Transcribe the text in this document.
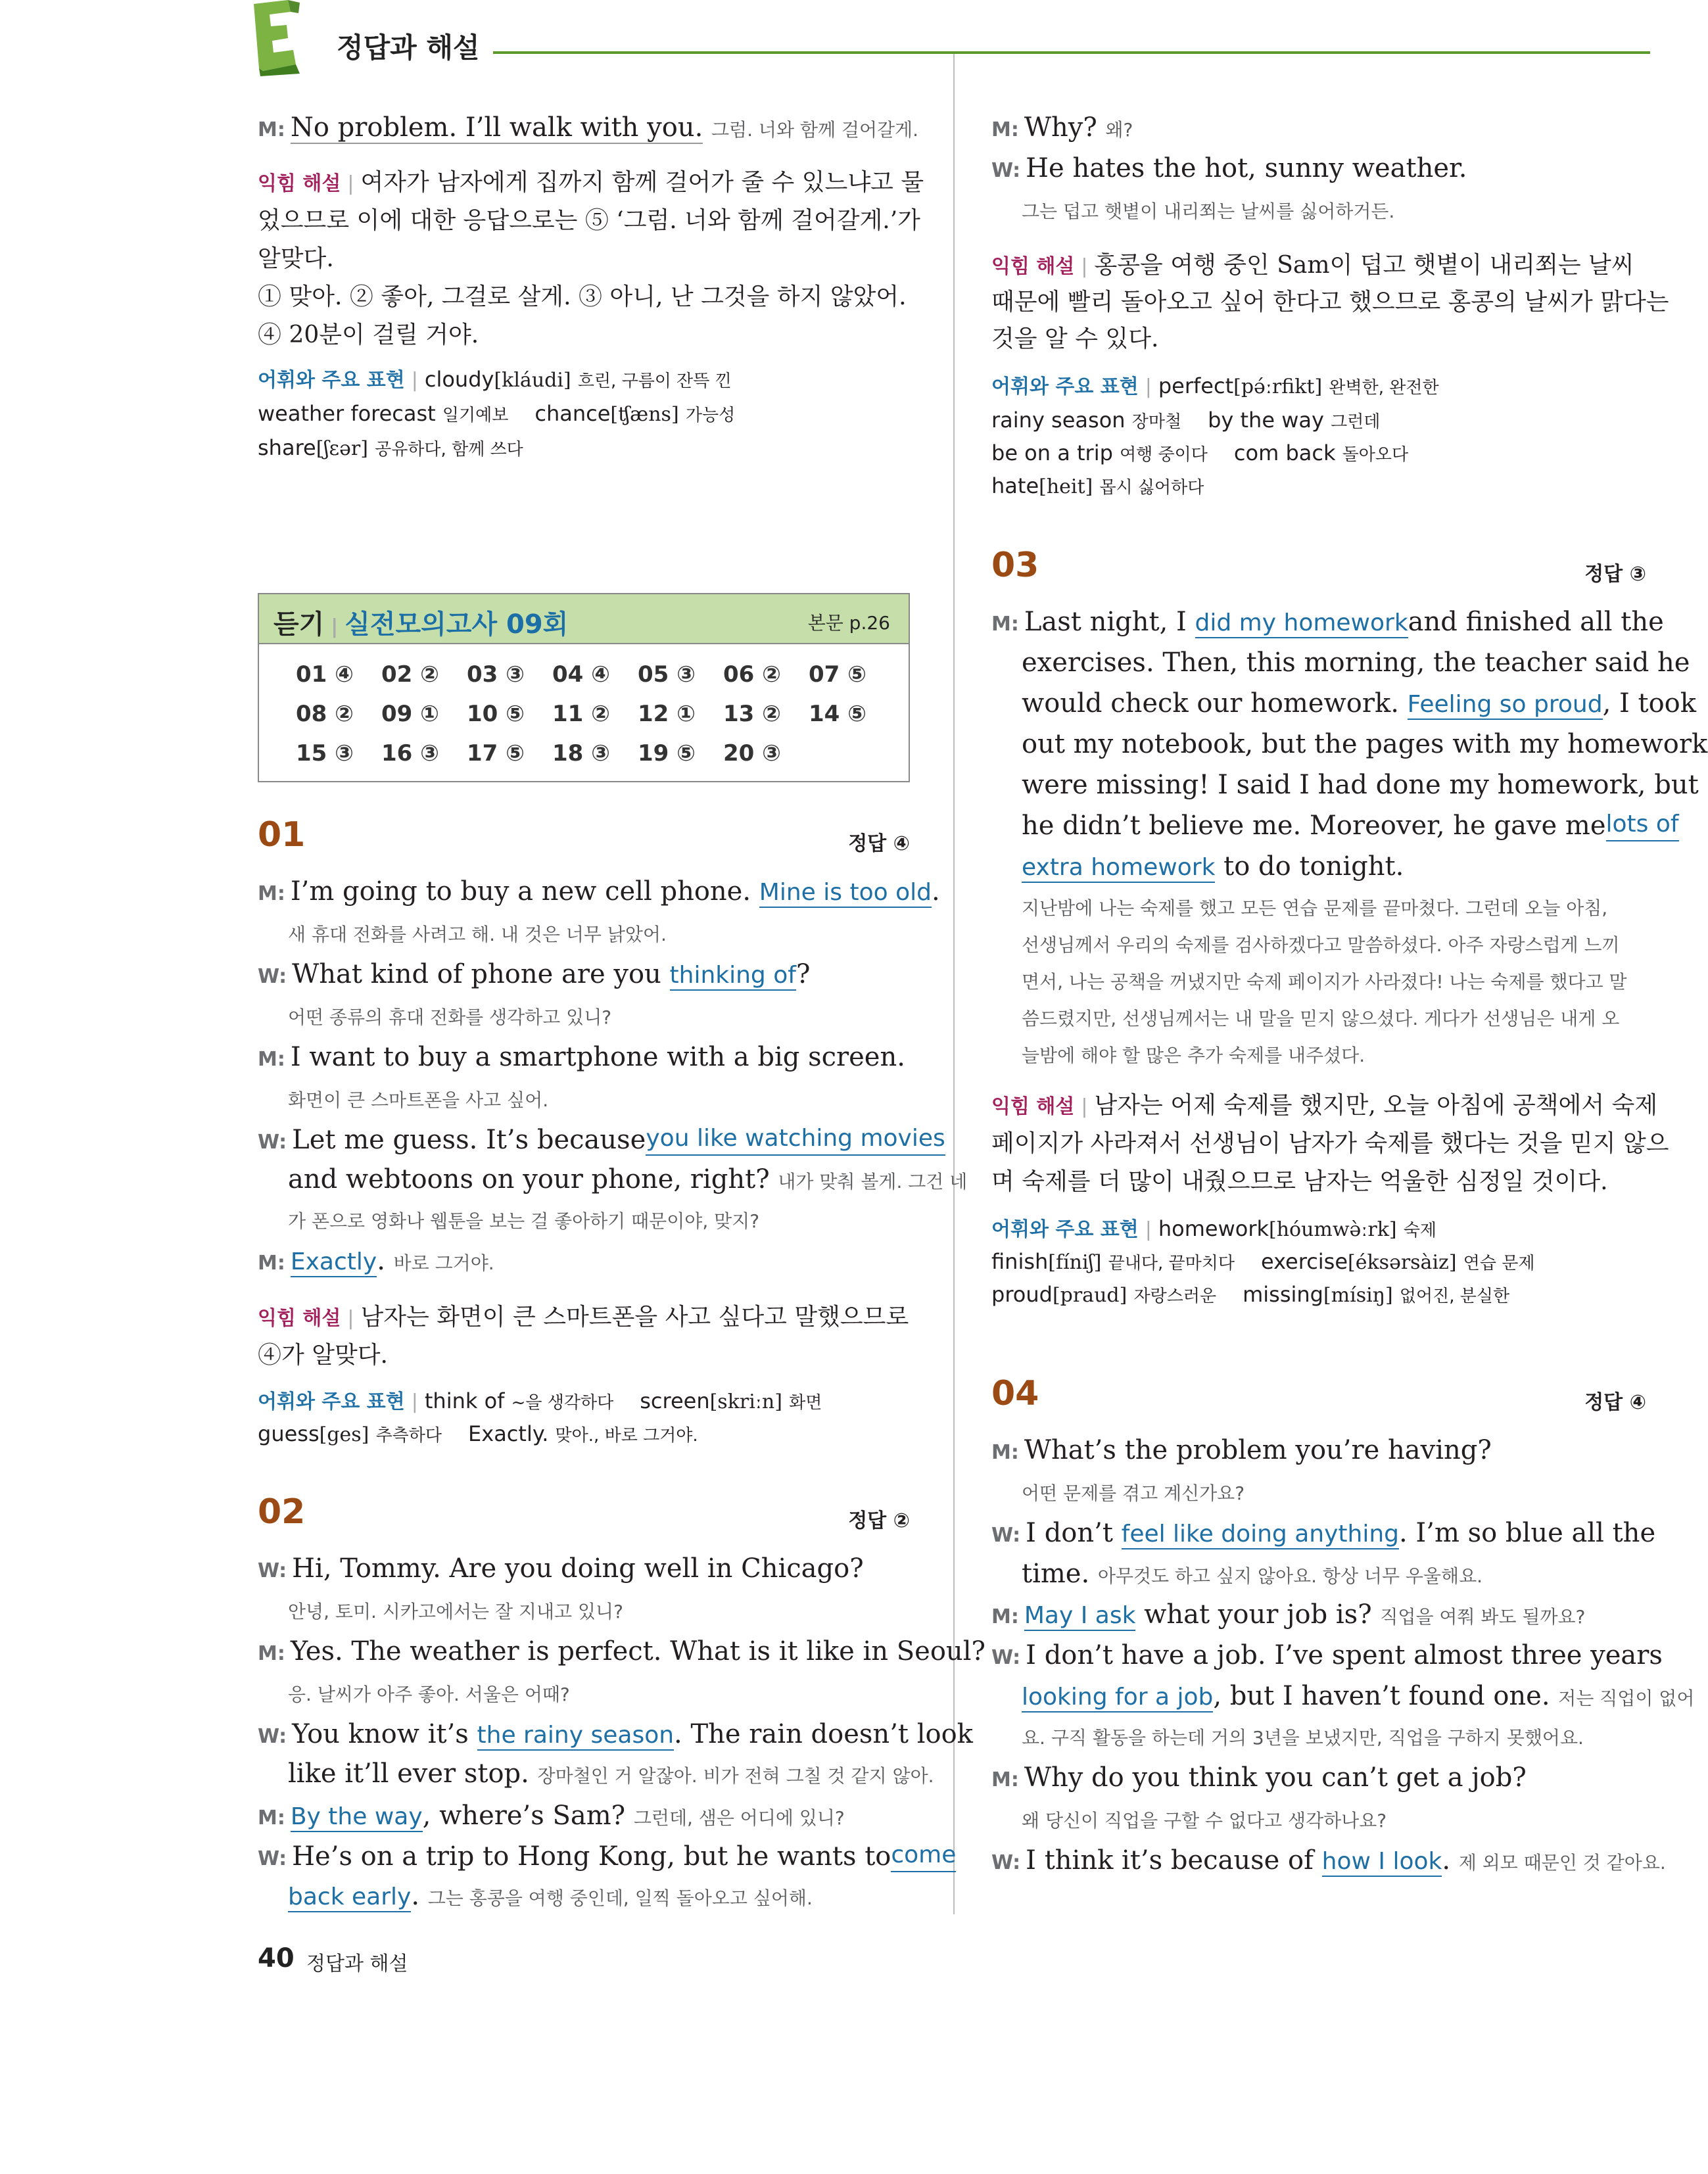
정답과 해설
M: No problem. I’ll walk with you. 그럼. 너와 함께 걸어갈게.
익힘 해설 | 여자가 남자에게 집까지 함께 걸어가 줄 수 있느냐고 물
었으므로 이에 대한 응답으로는 ⑤ ‘그럼. 너와 함께 걸어갈게.’가
알맞다.
① 맞아. ② 좋아, 그걸로 살게. ③ 아니, 난 그것을 하지 않았어.
④ 20분이 걸릴 거야.
어휘와 주요 표현 | cloudy[kláudi] 흐린, 구름이 잔뜩 낀
weather forecast 일기예보 chance[ʧæns] 가능성
share[ʃɛər] 공유하다, 함께 쓰다
듣기 | 실전모의고사 09회	본문 p.26
01 ④	02 ②	03 ③	04 ④	05 ③	06 ②	07 ⑤
08 ②	09 ①	10 ⑤	11 ②	12 ①	13 ②	14 ⑤
15 ③	16 ③	17 ⑤	18 ③	19 ⑤	20 ③
01	정답 ④
M: I’m going to buy a new cell phone. Mine is too old.
새 휴대 전화를 사려고 해. 내 것은 너무 낡았어.
W: What kind of phone are you thinking of?
어떤 종류의 휴대 전화를 생각하고 있니?
M: I want to buy a smartphone with a big screen.
화면이 큰 스마트폰을 사고 싶어.
W: Let me guess. It’s because you like watching movies
and webtoons on your phone, right? 내가 맞춰 볼게. 그건 네
가 폰으로 영화나 웹툰을 보는 걸 좋아하기 때문이야, 맞지?
M: Exactly. 바로 그거야.
익힘 해설 | 남자는 화면이 큰 스마트폰을 사고 싶다고 말했으므로
④가 알맞다.
어휘와 주요 표현 | think of ~을 생각하다 screen[skriːn] 화면
guess[ges] 추측하다 Exactly. 맞아., 바로 그거야.
02	정답 ②
W: Hi, Tommy. Are you doing well in Chicago?
안녕, 토미. 시카고에서는 잘 지내고 있니?
M: Yes. The weather is perfect. What is it like in Seoul?
응. 날씨가 아주 좋아. 서울은 어때?
W: You know it’s the rainy season. The rain doesn’t look
like it’ll ever stop. 장마철인 거 알잖아. 비가 전혀 그칠 것 같지 않아.
M: By the way, where’s Sam? 그런데, 샘은 어디에 있니?
W: He’s on a trip to Hong Kong, but he wants to come
back early. 그는 홍콩을 여행 중인데, 일찍 돌아오고 싶어해.
M: Why? 왜?
W: He hates the hot, sunny weather.
그는 덥고 햇볕이 내리쬐는 날씨를 싫어하거든.
익힘 해설 | 홍콩을 여행 중인 Sam이 덥고 햇볕이 내리쬐는 날씨
때문에 빨리 돌아오고 싶어 한다고 했으므로 홍콩의 날씨가 맑다는
것을 알 수 있다.
어휘와 주요 표현 | perfect[pə́ːrfikt] 완벽한, 완전한
rainy season 장마철 by the way 그런데
be on a trip 여행 중이다 com back 돌아오다
hate[heit] 몹시 싫어하다
03	정답 ③
M: Last night, I did my homework and finished all the
exercises. Then, this morning, the teacher said he
would check our homework. Feeling so proud , I took
out my notebook, but the pages with my homework
were missing! I said I had done my homework, but
he didn’t believe me. Moreover, he gave me lots of
extra homework to do tonight.
지난밤에 나는 숙제를 했고 모든 연습 문제를 끝마쳤다. 그런데 오늘 아침,
선생님께서 우리의 숙제를 검사하겠다고 말씀하셨다. 아주 자랑스럽게 느끼
면서, 나는 공책을 꺼냈지만 숙제 페이지가 사라졌다! 나는 숙제를 했다고 말
씀드렸지만, 선생님께서는 내 말을 믿지 않으셨다. 게다가 선생님은 내게 오
늘밤에 해야 할 많은 추가 숙제를 내주셨다.
익힘 해설 | 남자는 어제 숙제를 했지만, 오늘 아침에 공책에서 숙제
페이지가 사라져서 선생님이 남자가 숙제를 했다는 것을 믿지 않으
며 숙제를 더 많이 내줬으므로 남자는 억울한 심정일 것이다.
어휘와 주요 표현 | homework[hóumwə̀ːrk] 숙제
finish[fíniʃ] 끝내다, 끝마치다 exercise[éksərsàiz] 연습 문제
proud[praud] 자랑스러운 missing[mísiŋ] 없어진, 분실한
04	정답 ④
M: What’s the problem you’re having?
어떤 문제를 겪고 계신가요?
W: I don’t feel like doing anything . I’m so blue all the
time. 아무것도 하고 싶지 않아요. 항상 너무 우울해요.
M: May I ask what your job is? 직업을 여쭤 봐도 될까요?
W: I don’t have a job. I’ve spent almost three years
looking for a job, but I haven’t found one. 저는 직업이 없어
요. 구직 활동을 하는데 거의 3년을 보냈지만, 직업을 구하지 못했어요.
M: Why do you think you can’t get a job?
왜 당신이 직업을 구할 수 없다고 생각하나요?
W: I think it’s because of how I look. 제 외모 때문인 것 같아요.
40 정답과 해설
